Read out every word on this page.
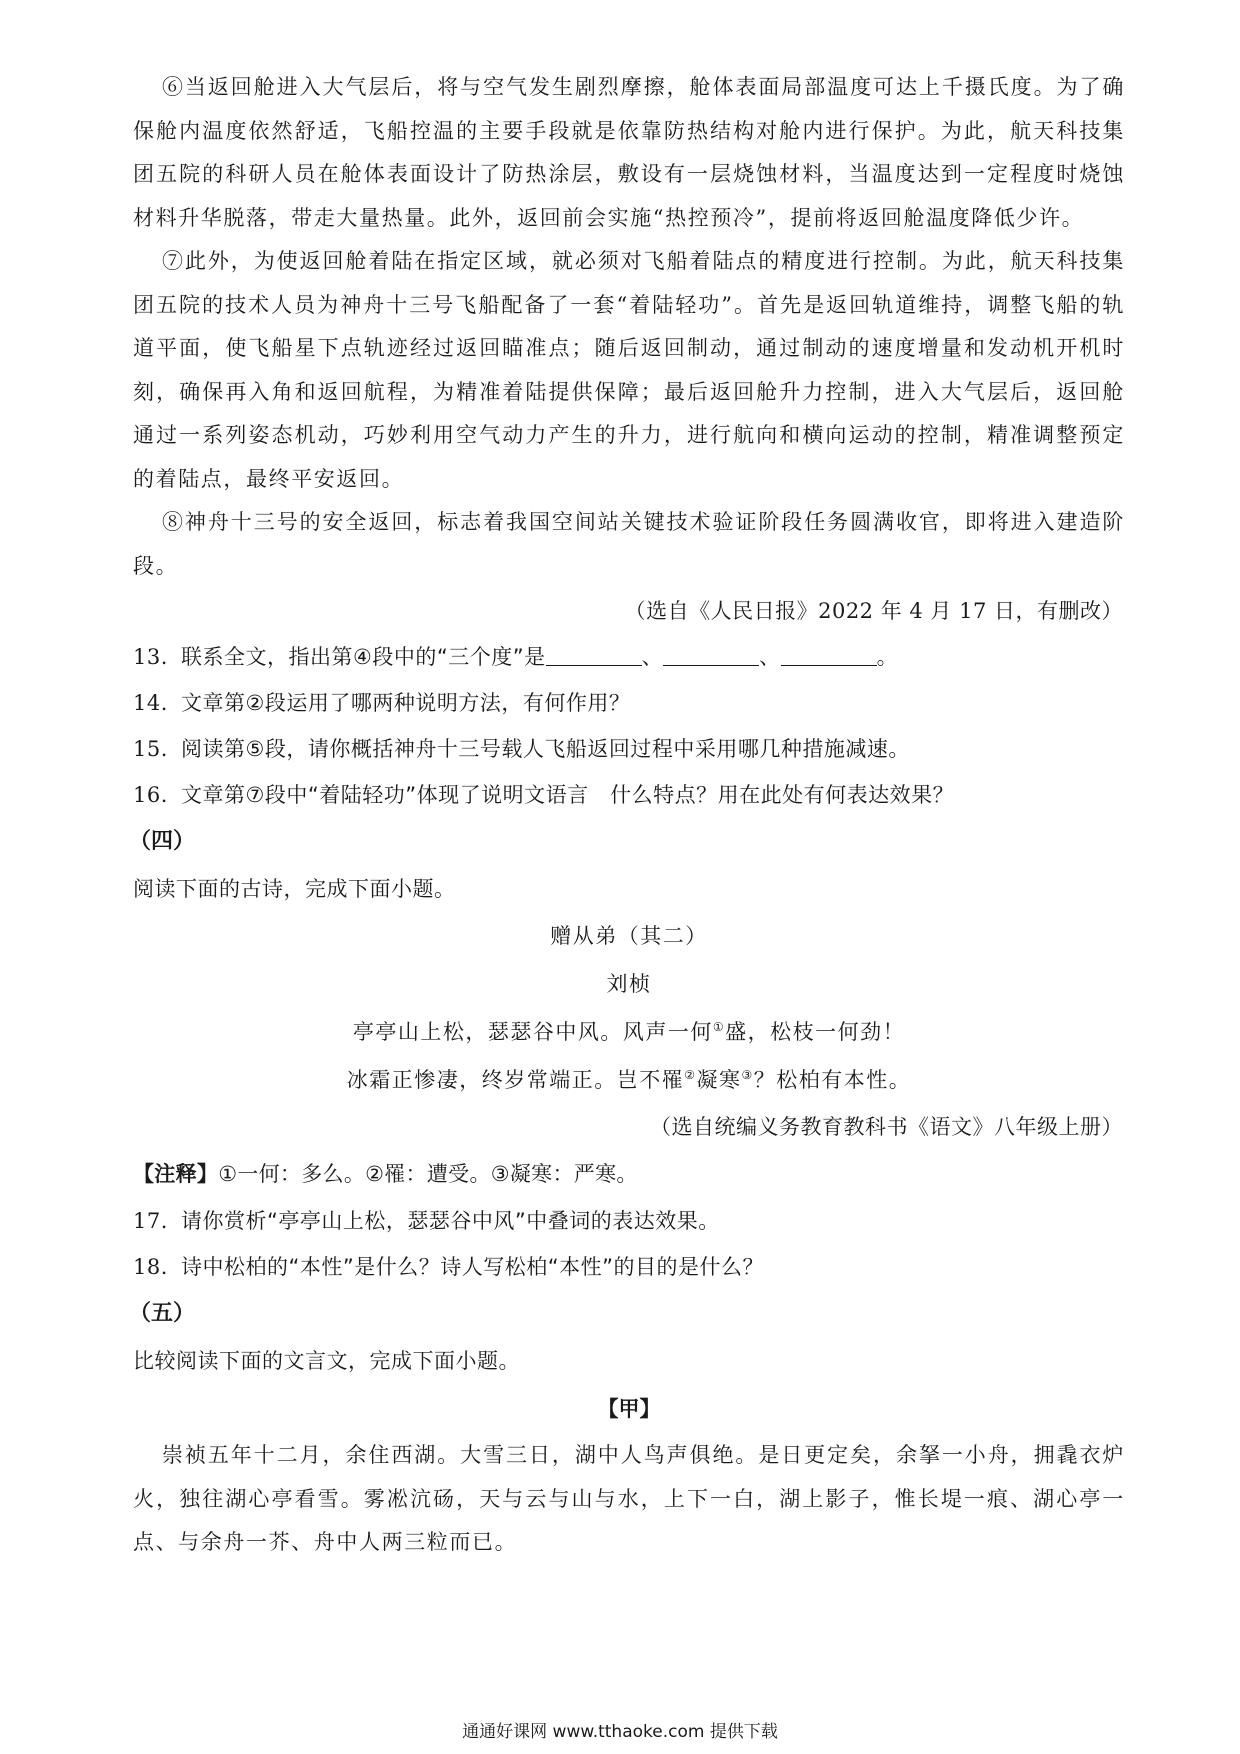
⑥当返回舱进入大气层后，将与空气发生剧烈摩擦，舱体表面局部温度可达上千摄氏度。为了确保舱内温度依然舒适，飞船控温的主要手段就是依靠防热结构对舱内进行保护。为此，航天科技集团五院的科研人员在舱体表面设计了防热涂层，敷设有一层烧蚀材料，当温度达到一定程度时烧蚀材料升华脱落，带走大量热量。此外，返回前会实施“热控预冷”，提前将返回舱温度降低少许。

⑦此外，为使返回舱着陆在指定区域，就必须对飞船着陆点的精度进行控制。为此，航天科技集团五院的技术人员为神舟十三号飞船配备了一套“着陆轻功”。首先是返回轨道维持，调整飞船的轨道平面，使飞船星下点轨迹经过返回瞄准点；随后返回制动，通过制动的速度增量和发动机开机时刻，确保再入角和返回航程，为精准着陆提供保障；最后返回舱升力控制，进入大气层后，返回舱通过一系列姿态机动，巧妙利用空气动力产生的升力，进行航向和横向运动的控制，精准调整预定的着陆点，最终平安返回。

⑧神舟十三号的安全返回，标志着我国空间站关键技术验证阶段任务圆满收官，即将进入建造阶段。

（选自《人民日报》2022 年 4 月 17 日，有删改）

13. 联系全文，指出第④段中的“三个度”是	、	、	。

14. 文章第②段运用了哪两种说明方法，有何作用？

15. 阅读第⑤段，请你概括神舟十三号载人飞船返回过程中采用哪几种措施减速。

16. 文章第⑦段中“着陆轻功”体现了说明文语言　什么特点？用在此处有何表达效果？

（四）

阅读下面的古诗，完成下面小题。

赠从弟（其二）

刘桢

亭亭山上松，瑟瑟谷中风。风声一何①盛，松枝一何劲！

冰霜正惨凄，终岁常端正。岂不罹②凝寒③？松柏有本性。

（选自统编义务教育教科书《语文》八年级上册）

【注释】①一何：多么。②罹：遭受。③凝寒：严寒。

17. 请你赏析“亭亭山上松，瑟瑟谷中风”中叠词的表达效果。

18. 诗中松柏的“本性”是什么？诗人写松柏“本性”的目的是什么？

（五）

比较阅读下面的文言文，完成下面小题。

【甲】

崇祯五年十二月，余住西湖。大雪三日，湖中人鸟声俱绝。是日更定矣，余拏一小舟，拥毳衣炉火，独往湖心亭看雪。雾凇沆砀，天与云与山与水，上下一白，湖上影子，惟长堤一痕、湖心亭一点、与余舟一芥、舟中人两三粒而已。

通通好课网 www.tthaoke.com 提供下载
